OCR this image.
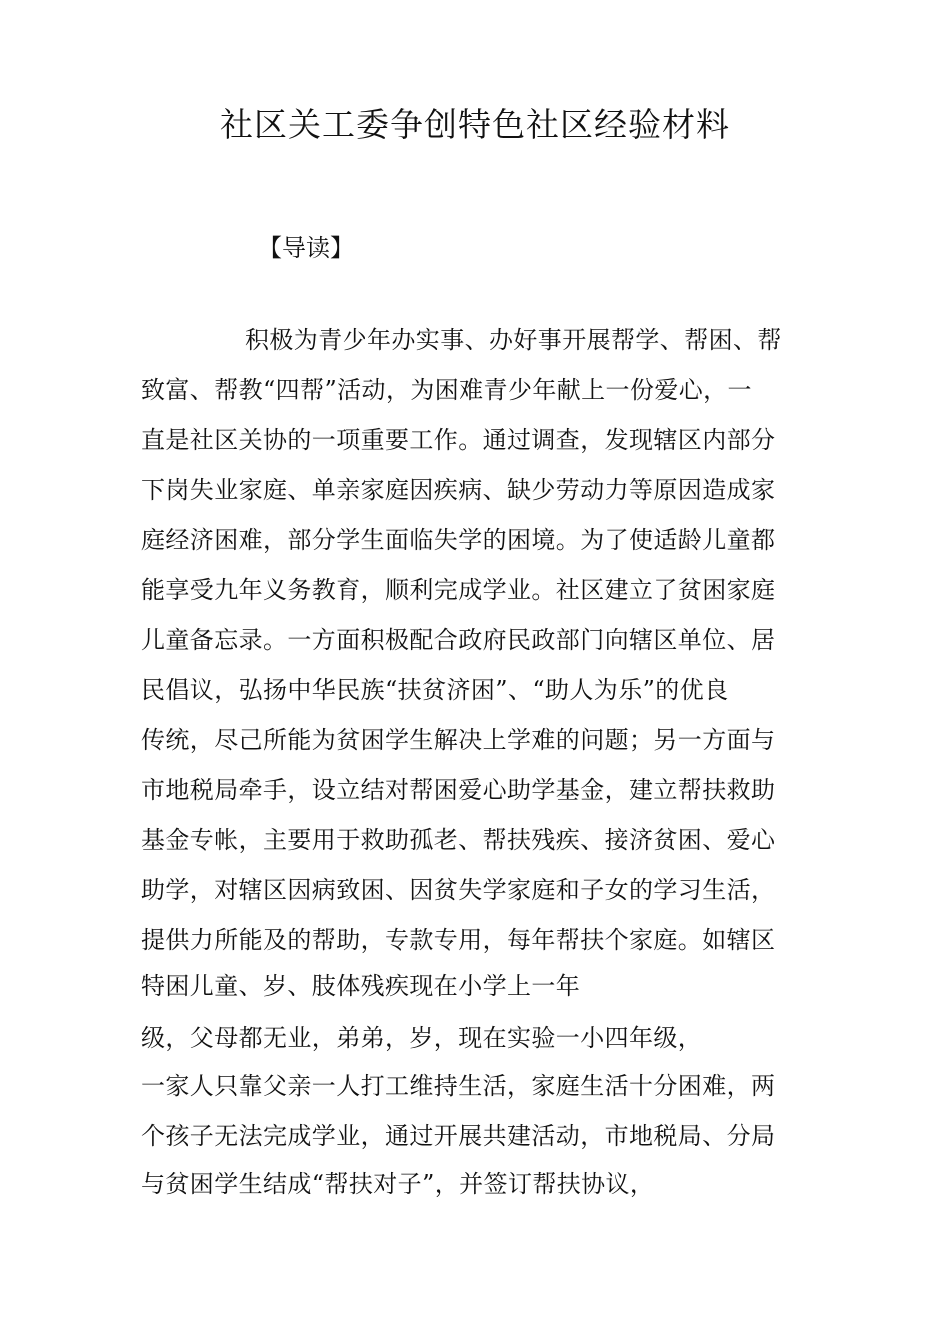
社区关工委争创特色社区经验材料

【导读】

积极为青少年办实事、办好事开展帮学、帮困、帮

致富、帮教“四帮”活动，为困难青少年献上一份爱心，一

直是社区关协的一项重要工作。通过调查，发现辖区内部分

下岗失业家庭、单亲家庭因疾病、缺少劳动力等原因造成家

庭经济困难，部分学生面临失学的困境。为了使适龄儿童都

能享受九年义务教育，顺利完成学业。社区建立了贫困家庭

儿童备忘录。一方面积极配合政府民政部门向辖区单位、居

民倡议，弘扬中华民族“扶贫济困”、“助人为乐”的优良

传统，尽己所能为贫困学生解决上学难的问题；另一方面与

市地税局牵手，设立结对帮困爱心助学基金，建立帮扶救助

基金专帐，主要用于救助孤老、帮扶残疾、接济贫困、爱心

助学，对辖区因病致困、因贫失学家庭和子女的学习生活，

提供力所能及的帮助，专款专用，每年帮扶个家庭。如辖区

特困儿童、岁、肢体残疾现在小学上一年

级，父母都无业，弟弟，岁，现在实验一小四年级，

一家人只靠父亲一人打工维持生活，家庭生活十分困难，两

个孩子无法完成学业，通过开展共建活动，市地税局、分局

与贫困学生结成“帮扶对子”，并签订帮扶协议，
